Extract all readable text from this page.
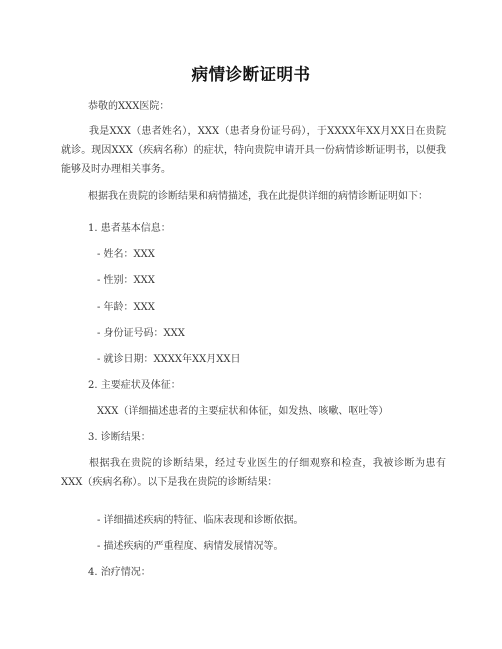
病情诊断证明书

恭敬的XXX医院：

我是XXX（患者姓名），XXX（患者身份证号码），于XXXX年XX月XX日在贵院就诊。现因XXX（疾病名称）的症状，特向贵院申请开具一份病情诊断证明书，以便我能够及时办理相关事务。

根据我在贵院的诊断结果和病情描述，我在此提供详细的病情诊断证明如下：

1. 患者基本信息：

- 姓名：XXX

- 性别：XXX

- 年龄：XXX

- 身份证号码：XXX

- 就诊日期：XXXX年XX月XX日

2. 主要症状及体征：

XXX（详细描述患者的主要症状和体征，如发热、咳嗽、呕吐等）

3. 诊断结果：

根据我在贵院的诊断结果，经过专业医生的仔细观察和检查，我被诊断为患有XXX（疾病名称）。以下是我在贵院的诊断结果：

- 详细描述疾病的特征、临床表现和诊断依据。

- 描述疾病的严重程度、病情发展情况等。

4. 治疗情况：
